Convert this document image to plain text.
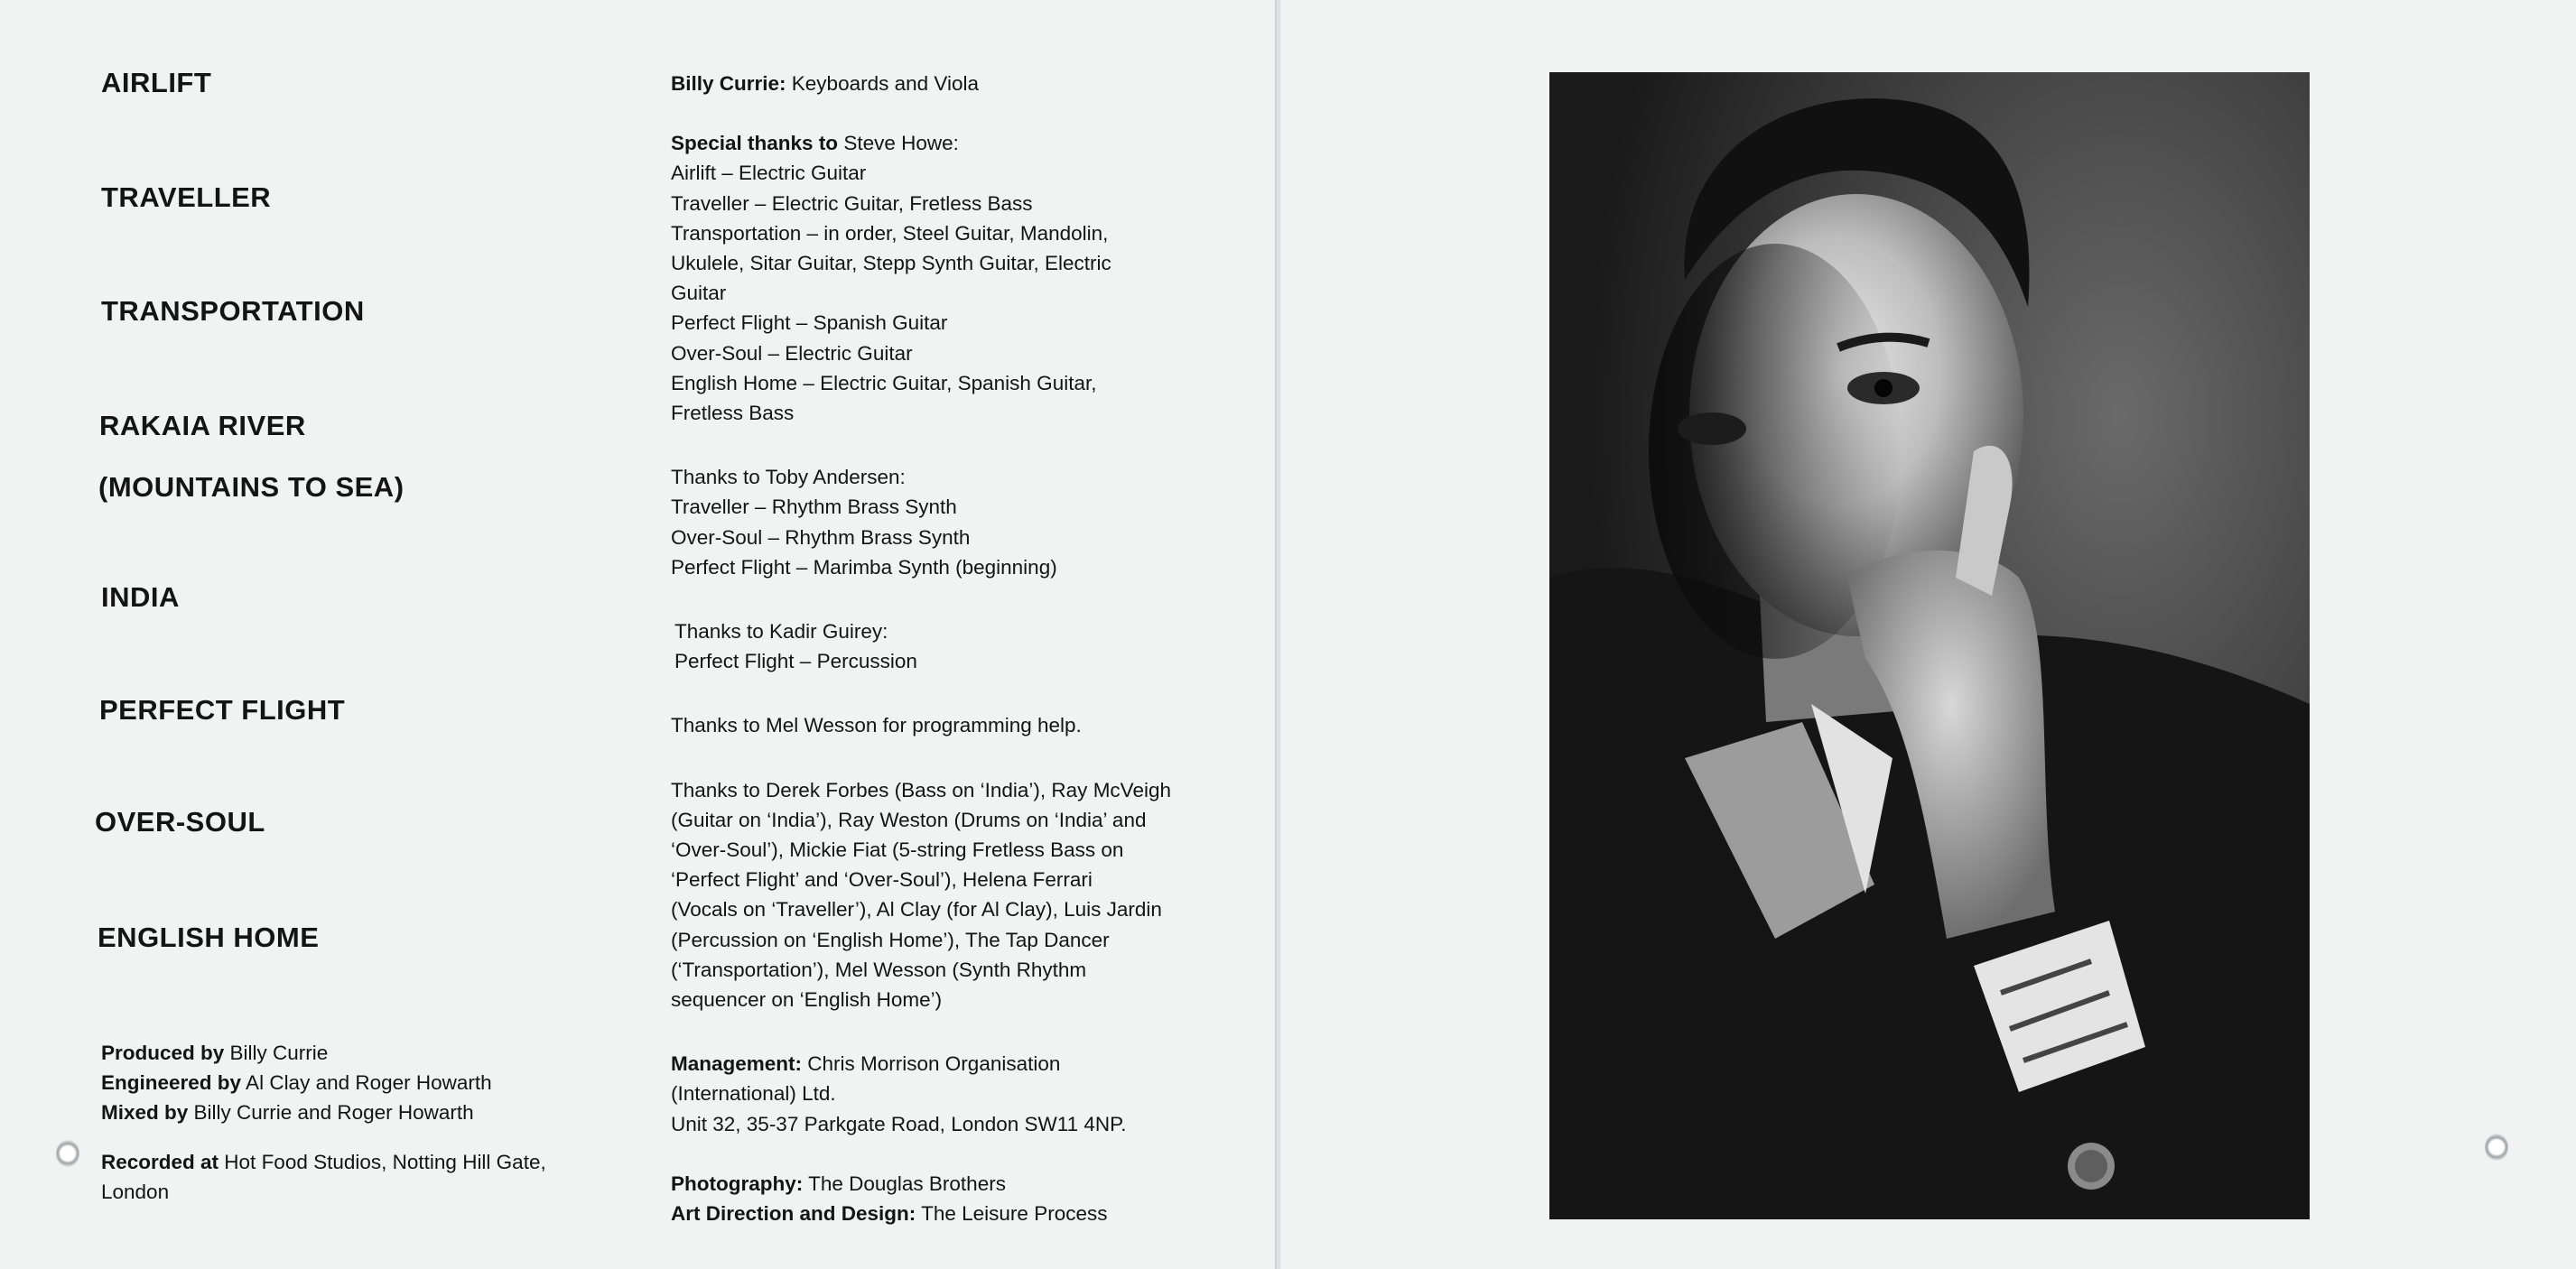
AIRLIFT
TRAVELLER
TRANSPORTATION
RAKAIA RIVER
(MOUNTAINS TO SEA)
INDIA
PERFECT FLIGHT
OVER-SOUL
ENGLISH HOME
Produced by Billy Currie
Engineered by Al Clay and Roger Howarth
Mixed by Billy Currie and Roger Howarth
Recorded at Hot Food Studios, Notting Hill Gate,
London

Billy Currie: Keyboards and Viola

Special thanks to Steve Howe:

Airlift – Electric Guitar

Traveller – Electric Guitar, Fretless Bass

Transportation – in order, Steel Guitar, Mandolin,

Ukulele, Sitar Guitar, Stepp Synth Guitar, Electric

Guitar

Perfect Flight – Spanish Guitar

Over-Soul – Electric Guitar

English Home – Electric Guitar, Spanish Guitar,

Fretless Bass

Thanks to Toby Andersen:

Traveller – Rhythm Brass Synth

Over-Soul – Rhythm Brass Synth

Perfect Flight – Marimba Synth (beginning)

Thanks to Kadir Guirey:

Perfect Flight – Percussion

Thanks to Mel Wesson for programming help.

Thanks to Derek Forbes (Bass on ‘India’), Ray McVeigh

(Guitar on ‘India’), Ray Weston (Drums on ‘India’ and

‘Over-Soul’), Mickie Fiat (5-string Fretless Bass on

‘Perfect Flight’ and ‘Over-Soul’), Helena Ferrari

(Vocals on ‘Traveller’), Al Clay (for Al Clay), Luis Jardin

(Percussion on ‘English Home’), The Tap Dancer

(‘Transportation’), Mel Wesson (Synth Rhythm

sequencer on ‘English Home’)

Management: Chris Morrison Organisation

(International) Ltd.

Unit 32, 35-37 Parkgate Road, London SW11 4NP.

Photography: The Douglas Brothers

Art Direction and Design: The Leisure Process
